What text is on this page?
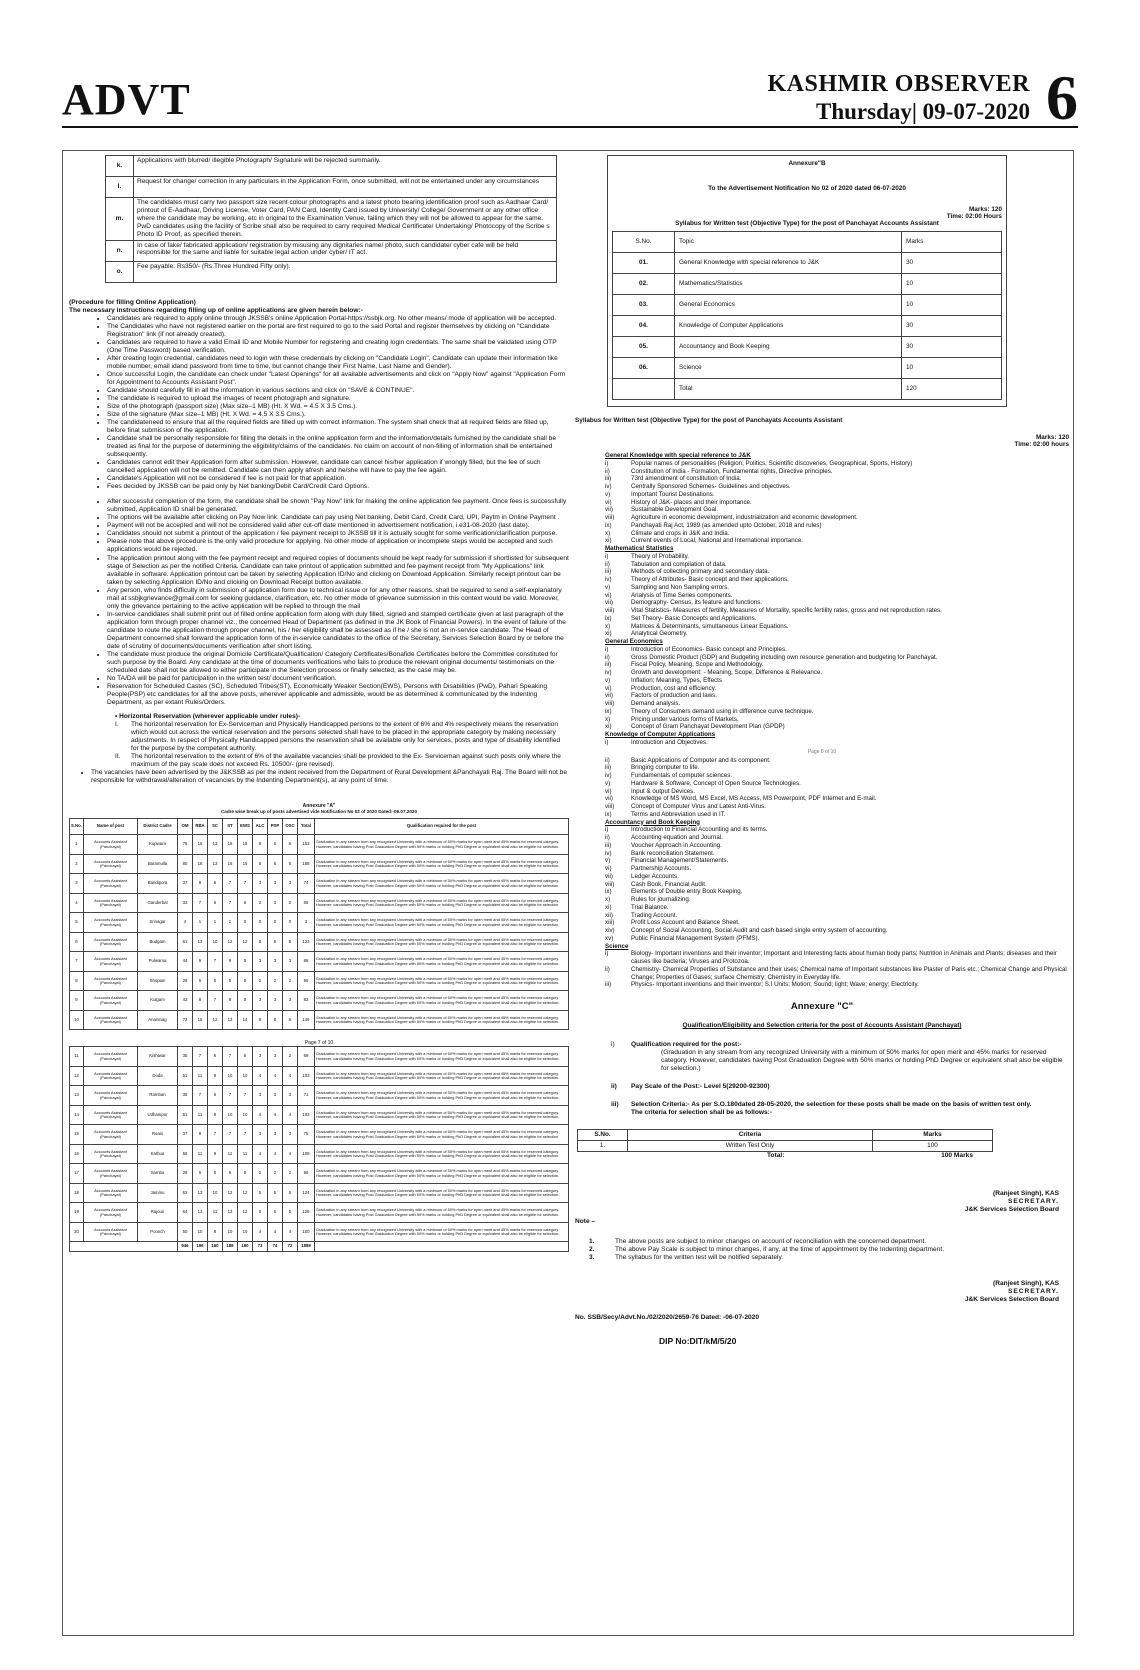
ADVT	KASHMIR OBSERVER
Thursday| 09-07-2020 6
k.	Applications with blurred/ illegible Photograph/ Signature will be rejected summarily.
l.	Request for change/ correction in any particulars in the Application Form, once submitted, will not be entertained under any circumstances
m.	The candidates must carry two passport size recent colour photographs and a latest photo bearing identification proof such as Aadhaar Card/ printout of E-Aadhaar, Driving License, Voter Card, PAN Card, Identity Card issued by University/ College/ Government or any other office where the candidate may be working, etc in original to the Examination Venue, failing which they will not be allowed to appear for the same. PwD candidates using the facility of Scribe shall also be required to carry required Medical Certificate/ Undertaking/ Photocopy of the Scribe s Photo ID Proof, as specified therein.
n.	In case of fake/ fabricated application/ registration by misusing any dignitaries name/ photo, such candidate/ cyber cafe will be held responsible for the same and liable for suitable legal action under cyber/ IT act.
o.	Fee payable: Rs350/- (Rs.Three Hundred Fifty only).
(Procedure for filling Online Application)
The necessary instructions regarding filling up of online applications are given herein below:-
• Candidates are required to apply online through JKSSB's online Application Portal-https://ssbjk.org. No other means/ mode of application will be accepted.
• The Candidates who have not registered earlier on the portal are first required to go to the said Portal and register themselves by clicking on "Candidate Registration" link (if not already created).
• Candidates are required to have a valid Email ID and Mobile Number for registering and creating login credentials. The same shall be validated using OTP (One Time Password) based verification.
• After creating login credential, candidates need to login with these credentials by clicking on "Candidate Login". Candidate can update their information like mobile number, email idand password from time to time, but cannot change their First Name, Last Name and Gender).
• Once successful Login, the candidate can check under "Latest Openings" for all available advertisements and click on "Apply Now" against "Application Form for Appointment to Accounts Assistant Post".
• Candidate should carefully fill in all the information in various sections and click on "SAVE & CONTINUE".
• The candidate is required to upload the images of recent photograph and signature.
• Size of the photograph (passport size) (Max size–1 MB) (Ht. X Wd. = 4.5 X 3.5 Cms.).
• Size of the signature (Max size–1 MB) (Ht. X Wd. = 4.5 X 3.5 Cms.).
• The candidateneed to ensure that all the required fields are filled up with correct information. The system shall check that all required fields are filled up, before final submission of the application.
• Candidate shall be personally responsible for filling the details in the online application form and the information/details furnished by the candidate shall be treated as final for the purpose of determining the eligibility/claims of the candidates. No claim on account of non-filling of information shall be entertained subsequently.
• Candidates cannot edit their Application form after submission. However, candidate can cancel his/her application if wrongly filled, but the fee of such cancelled application will not be remitted. Candidate can then apply afresh and he/she will have to pay the fee again.
• Candidate's Application will not be considered if fee is not paid for that application.
• Fees decided by JKSSB can be paid only by Net banking/Debit Card/Credit Card Options.
• After successful completion of the form, the candidate shall be shown "Pay Now" link for making the online application fee payment. Once fees is successfully submitted, Application ID shall be generated.
• The options will be available after clicking on Pay Now link. Candidate can pay using Net banking, Debit Card, Credit Card, UPI, Paytm in Online Payment .
• Payment will not be accepted and will not be considered valid after cut-off date mentioned in advertisement notification, i.e31-08-2020 (last date).
• Candidates should not submit a printout of the application / fee payment receipt to JKSSB till it is actually sought for some verification/clarification purpose.
• Please note that above procedure is the only valid procedure for applying. No other mode of application or incomplete steps would be accepted and such applications would be rejected.
• The application printout along with the fee payment receipt and required copies of documents should be kept ready for submission if shortlisted for subsequent stage of Selection as per the notified Criteria. Candidate can take printout of application submitted and fee payment receipt from "My Applications" link available in software. Application printout can be taken by selecting Application ID/No and clicking on Download Application. Similarly receipt printout can be taken by selecting Application ID/No and clicking on Download Receipt button available.
• Any person, who finds difficulty in submission of application form due to technical issue or for any other reasons, shall be required to send a self-explanatory mail at ssbjkgrievance@gmail.com for seeking guidance, clarification, etc. No other mode of grievance submission in this context would be valid. Moreover, only the grievance pertaining to the active application will be replied to through the mail
• In-service candidates shall submit print out of filled online application form along with duly filled, signed and stamped certificate given at last paragraph of the application form through proper channel viz., the concerned Head of Department (as defined in the JK Book of Financial Powers). In the event of failure of the candidate to route the application through proper channel, his / her eligibility shall be assessed as if he / she is not an in-service candidate. The Head of Department concerned shall forward the application form of the in-service candidates to the office of the Secretary, Services Selection Board by or before the date of scrutiny of documents/documents verification after short listing.
• The candidate must produce the original Domicile Certificate/Qualification/ Category Certificates/Bonafide Certificates before the Committee constituted for such purpose by the Board. Any candidate at the time of documents verifications who fails to produce the relevant original documents/ testimonials on the scheduled date shall not be allowed to either participate in the Selection process or finally selected, as the case may be.
• No TA/DA will be paid for participation in the written test/ document verification.
• Reservation for Scheduled Castes (SC), Scheduled Tribes(ST), Economically Weaker Section(EWS), Persons with Disabilities (PwD), Pahari Speaking People(PSP) etc candidates for all the above posts, wherever applicable and admissible, would be as determined & communicated by the Indenting Department, as per extant Rules/Orders.
• Horizontal Reservation (wherever applicable under rules)-
I.	The horizontal reservation for Ex-Serviceman and Physically Handicapped persons to the extent of 6% and 4% respectively means the reservation which would cut across the vertical reservation and the persons selected shall have to be placed in the appropriate category by making necessary adjustments. In respect of Physically Handicapped persons the reservation shall be available only for services, posts and type of disability identified for the purpose by the competent authority.
II.	The horizontal reservation to the extent of 6% of the available vacancies shall be provided to the Ex- Serviceman against such posts only where the maximum of the pay scale does not exceed Rs. 10500/- (pre revised).
• The vacancies have been advertised by the J&KSSB as per the indent received from the Department of Rural Development &Panchayati Raj. The Board will not be responsible for withdrawal/alteration of vacancies by the Indenting Department(s), at any point of time.
Annexure "A"
Cadre wise break up of posts advertised vide Notification No 02 of 2020 Dated:-06.07.2020
S.No.	Name of post	District Cadre	OM	RBA	SC	ST	EWS	ALC	PSP	OSC	Total	Qualification required for the post
1	Accounts Assistant (Panchayat)	Kupwara	76	16	13	15	15	6	6	6	153	Graduation in any stream from any recognized University with a minimum of 50% marks for open merit and 45% marks for reserved category. However, candidates having Post Graduation Degree with 50% marks or holding PhD Degree or equivalent shall also be eligible for selection.
2	Accounts Assistant (Panchayat)	Baramulla	80	16	13	16	15	6	6	6	158	Graduation in any stream from any recognized University with a minimum of 50% marks for open merit and 45% marks for reserved category. However, candidates having Post Graduation Degree with 50% marks or holding PhD Degree or equivalent shall also be eligible for selection.
3	Accounts Assistant (Panchayat)	Bandipora	37	8	6	7	7	3	3	3	74	Graduation in any stream from any recognized University with a minimum of 50% marks for open merit and 45% marks for reserved category. However, candidates having Post Graduation Degree with 50% marks or holding PhD Degree or equivalent shall also be eligible for selection.
4	Accounts Assistant (Panchayat)	Ganderbal	33	7	6	7	6	2	3	2	66	Graduation in any stream from any recognized University with a minimum of 50% marks for open merit and 45% marks for reserved category. However, candidates having Post Graduation Degree with 50% marks or holding PhD Degree or equivalent shall also be eligible for selection.
5	Accounts Assistant (Panchayat)	Srinagar	4	1	1	1	0	0	0	0	3	Graduation in any stream from any recognized University with a minimum of 50% marks for open merit and 45% marks for reserved category. However, candidates having Post Graduation Degree with 50% marks or holding PhD Degree or equivalent shall also be eligible for selection.
6	Accounts Assistant (Panchayat)	Budgam	61	13	10	12	12	5	5	5	123	Graduation in any stream from any recognized University with a minimum of 50% marks for open merit and 45% marks for reserved category. However, candidates having Post Graduation Degree with 50% marks or holding PhD Degree or equivalent shall also be eligible for selection.
7	Accounts Assistant (Panchayat)	Pulwama	44	9	7	9	8	3	3	3	86	Graduation in any stream from any recognized University with a minimum of 50% marks for open merit and 45% marks for reserved category. However, candidates having Post Graduation Degree with 50% marks or holding PhD Degree or equivalent shall also be eligible for selection.
8	Accounts Assistant (Panchayat)	Shopian	28	6	5	5	5	2	2	2	55	Graduation in any stream from any recognized University with a minimum of 50% marks for open merit and 45% marks for reserved category. However, candidates having Post Graduation Degree with 50% marks or holding PhD Degree or equivalent shall also be eligible for selection.
9	Accounts Assistant (Panchayat)	Kulgam	43	8	7	8	8	3	3	3	83	Graduation in any stream from any recognized University with a minimum of 50% marks for open merit and 45% marks for reserved category. However, candidates having Post Graduation Degree with 50% marks or holding PhD Degree or equivalent shall also be eligible for selection.
10	Accounts Assistant (Panchayat)	Anantnag	72	15	12	13	14	6	8	6	146	Graduation in any stream from any recognized University with a minimum of 50% marks for open merit and 45% marks for reserved category. However, candidates having Post Graduation Degree with 50% marks or holding PhD Degree or equivalent shall also be eligible for selection.
Page 7 of 10
11	Accounts Assistant (Panchayat)	Kishtwar	35	7	6	7	6	3	3	2	69	Graduation in any stream from any recognized University with a minimum of 50% marks for open merit and 45% marks for reserved category. However, candidates having Post Graduation Degree with 50% marks or holding PhD Degree or equivalent shall also be eligible for selection.
12	Accounts Assistant (Panchayat)	Doda	51	11	9	10	10	4	4	4	103	Graduation in any stream from any recognized University with a minimum of 50% marks for open merit and 45% marks for reserved category. However, candidates having Post Graduation Degree with 50% marks or holding PhD Degree or equivalent shall also be eligible for selection.
13	Accounts Assistant (Panchayat)	Ramban	35	7	6	7	7	3	3	3	71	Graduation in any stream from any recognized University with a minimum of 50% marks for open merit and 45% marks for reserved category. However, candidates having Post Graduation Degree with 50% marks or holding PhD Degree or equivalent shall also be eligible for selection.
14	Accounts Assistant (Panchayat)	Udhampur	51	11	9	10	10	4	4	4	103	Graduation in any stream from any recognized University with a minimum of 50% marks for open merit and 45% marks for reserved category. However, candidates having Post Graduation Degree with 50% marks or holding PhD Degree or equivalent shall also be eligible for selection.
15	Accounts Assistant (Panchayat)	Reasi	37	8	7	7	7	3	3	3	75	Graduation in any stream from any recognized University with a minimum of 50% marks for open merit and 45% marks for reserved category. However, candidates having Post Graduation Degree with 50% marks or holding PhD Degree or equivalent shall also be eligible for selection.
16	Accounts Assistant (Panchayat)	Kathua	55	11	9	11	11	4	4	4	109	Graduation in any stream from any recognized University with a minimum of 50% marks for open merit and 45% marks for reserved category. However, candidates having Post Graduation Degree with 50% marks or holding PhD Degree or equivalent shall also be eligible for selection.
17	Accounts Assistant (Panchayat)	Samba	28	6	5	6	5	2	2	2	56	Graduation in any stream from any recognized University with a minimum of 50% marks for open merit and 45% marks for reserved category. However, candidates having Post Graduation Degree with 50% marks or holding PhD Degree or equivalent shall also be eligible for selection.
18	Accounts Assistant (Panchayat)	Jammu	62	13	10	12	12	5	5	5	124	Graduation in any stream from any recognized University with a minimum of 50% marks for open merit and 45% marks for reserved category. However, candidates having Post Graduation Degree with 50% marks or holding PhD Degree or equivalent shall also be eligible for selection.
19	Accounts Assistant (Panchayat)	Rajouri	64	13	11	13	12	5	5	5	128	Graduation in any stream from any recognized University with a minimum of 50% marks for open merit and 45% marks for reserved category. However, candidates having Post Graduation Degree with 50% marks or holding PhD Degree or equivalent shall also be eligible for selection.
20	Accounts Assistant (Panchayat)	Poonch	50	10	8	10	10	4	4	4	100	Graduation in any stream from any recognized University with a minimum of 50% marks for open merit and 45% marks for reserved category. However, candidates having Post Graduation Degree with 50% marks or holding PhD Degree or equivalent shall also be eligible for selection.
			946	196	160	188	180	73	74	72	1889	
Annexure"B
To the Advertisement Notification No 02 of 2020 dated 06-07-2020
Marks: 120
Time: 02:00 Hours
Syllabus for Written test (Objective Type) for the post of Panchayat Accounts Assistant
S.No.	Topic	Marks
01.	General Knowledge with special reference to J&K	30
02.	Mathematics/Statistics	10
03.	General Economics	10
04.	Knowledge of Computer Applications	30
05.	Accountancy and Book Keeping	30
06.	Science	10
	Total	120
Syllabus for Written test (Objective Type) for the post of Panchayats Accounts Assistant
Marks: 120
Time: 02:00 hours
General Knowledge with special reference to J&K
i)	Popular names of personalities (Religion, Politics, Scientific discoveries, Geographical, Sports, History)
ii)	Constitution of India - Formation, Fundamental rights, Directive principles.
iii)	73rd amendment of constitution of India.
iv)	Centrally Sponsored Schemes- Guidelines and objectives.
v)	Important Tourist Destinations.
vi)	History of J&K- places and their importance.
vii)	Sustainable Development Goal.
viii)	Agriculture in economic development, industrialization and economic development.
ix)	Panchayati Raj Act, 1989 (as amended upto October, 2018 and rules)
x)	Climate and crops in J&K and India.
xi)	Current events of Local, National and International importance.
Mathematics/ Statistics
i)	Theory of Probability.
ii)	Tabulation and compilation of data.
iii)	Methods of collecting primary and secondary data.
iv)	Theory of Attributes- Basic concept and their applications.
v)	Sampling and Non Sampling errors.
vi)	Analysis of Time Series components.
vii)	Demography- Census, its feature and functions.
viii)	Vital Statistics- Measures of fertility, Measures of Mortality, specific fertility rates, gross and net reproduction rates.
ix)	Set Theory- Basic Concepts and Applications.
x)	Matrices & Determinants, simultaneous Linear Equations.
xi)	Analytical Geometry.
General Economics
i)	Introduction of Economics- Basic concept and Principles.
ii)	Gross Domestic Product (GDP) and Budgeting including own resource generation and budgeting for Panchayat.
iii)	Fiscal Policy, Meaning, Scope and Methodology.
iv)	Growth and development: - Meaning, Scope, Difference & Relevance.
v)	Inflation; Meaning, Types, Effects
vi)	Production, cost and efficiency.
vii)	Factors of production and laws.
viii)	Demand analysis.
ix)	Theory of Consumers demand using in difference curve technique.
x)	Pricing under various forms of Markets.
xi)	Concept of Gram Panchayat Development Plan (GPDP)
Knowledge of Computer Applications
i)	Introduction and Objectives.
Page 8 of 10
ii)	Basic Applications of Computer and its component.
iii)	Bringing computer to life.
iv)	Fundamentals of computer sciences.
v)	Hardware & Software, Concept of Open Source Technologies.
vi)	Input & output Devices.
vii)	Knowledge of MS Word, MS Excel, MS Access, MS Powerpoint, PDF Internet and E-mail.
viii)	Concept of Computer Virus and Latest Anti-Virus.
ix)	Terms and Abbreviation used in IT.
Accountancy and Book Keeping
i)	Introduction to Financial Accounting and its terms.
ii)	Accounting equation and Journal.
iii)	Voucher Approach in Accounting.
iv)	Bank reconciliation Statement.
v)	Financial Management/Statements.
vi)	Partnership Accounts.
vii)	Ledger Accounts.
viii)	Cash Book, Financial Audit.
ix)	Elements of Double entry Book Keeping.
x)	Rules for journalizing.
xi)	Trial Balance.
xii)	Trading Account.
xiii)	Profit Loss Account and Balance Sheet.
xiv)	Concept of Social Accounting, Social Audit and cash based single entry system of accounting.
xv)	Public Financial Management System (PFMS).
Science
i)	Biology- Important inventions and their inventor; Important and Interesting facts about human body parts; Nutrition in Animals and Plants; diseases and their causes like bacteria; Viruses and Protozoa.
ii)	Chemistry- Chemical Properties of Substance and their uses; Chemical name of Important substances like Plaster of Paris etc.; Chemical Change and Physical Change; Properties of Gases; surface Chemistry; Chemistry in Everyday life.
iii)	Physics- Important inventions and their inventor; S.I Units; Motion; Sound; light; Wave; energy; Electricity.
Annexure "C"
Qualification/Eligibility and Selection criteria for the post of Accounts Assistant (Panchayat)
i)	Qualification required for the post:-
(Graduation in any stream from any recognized University with a minimum of 50% marks for open merit and 45% marks for reserved category. However, candidates having Post Graduation Degree with 50% marks or holding PhD Degree or equivalent shall also be eligible for selection.)
ii)	Pay Scale of the Post:- Level 5(29200-92300)
iii)	Selection Criteria:- As per S.O.180dated 28-05-2020, the selection for these posts shall be made on the basis of written test only.
The criteria for selection shall be as follows:-
S.No.	Criteria	Marks
1.	Written Test Only	100
Total:	100 Marks
(Ranjeet Singh), KAS
SECRETARY.
J&K Services Selection Board
Note –
1.	The above posts are subject to minor changes on account of reconciliation with the concerned department.
2.	The above Pay Scale is subject to minor changes, if any, at the time of appointment by the Indenting department.
3.	The syllabus for the written test will be notified separately.
(Ranjeet Singh), KAS
SECRETARY.
J&K Services Selection Board
No. SSB/Secy/Advt.No./02/2020/2659-76 Dated: -06-07-2020
DIP No:DIT/kM/5/20
